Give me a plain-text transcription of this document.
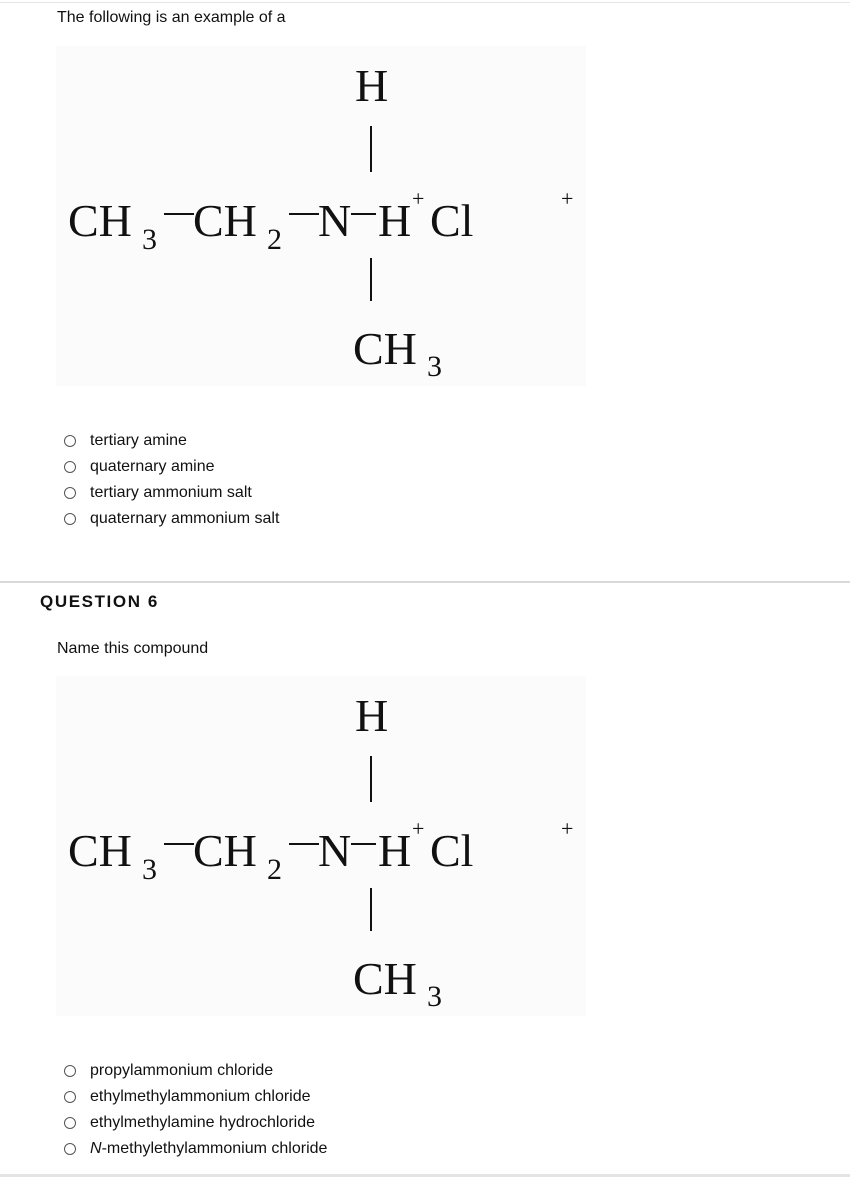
The following is an example of a
H
CH 3 CH 2 N H + Cl	+
CH 3
tertiary amine
quaternary amine
tertiary ammonium salt
quaternary ammonium salt
QUESTION 6
Name this compound
H
CH 3 CH 2 N H + Cl	+
CH 3
propylammonium chloride
ethylmethylammonium chloride
ethylmethylamine hydrochloride
N-methylethylammonium chloride
